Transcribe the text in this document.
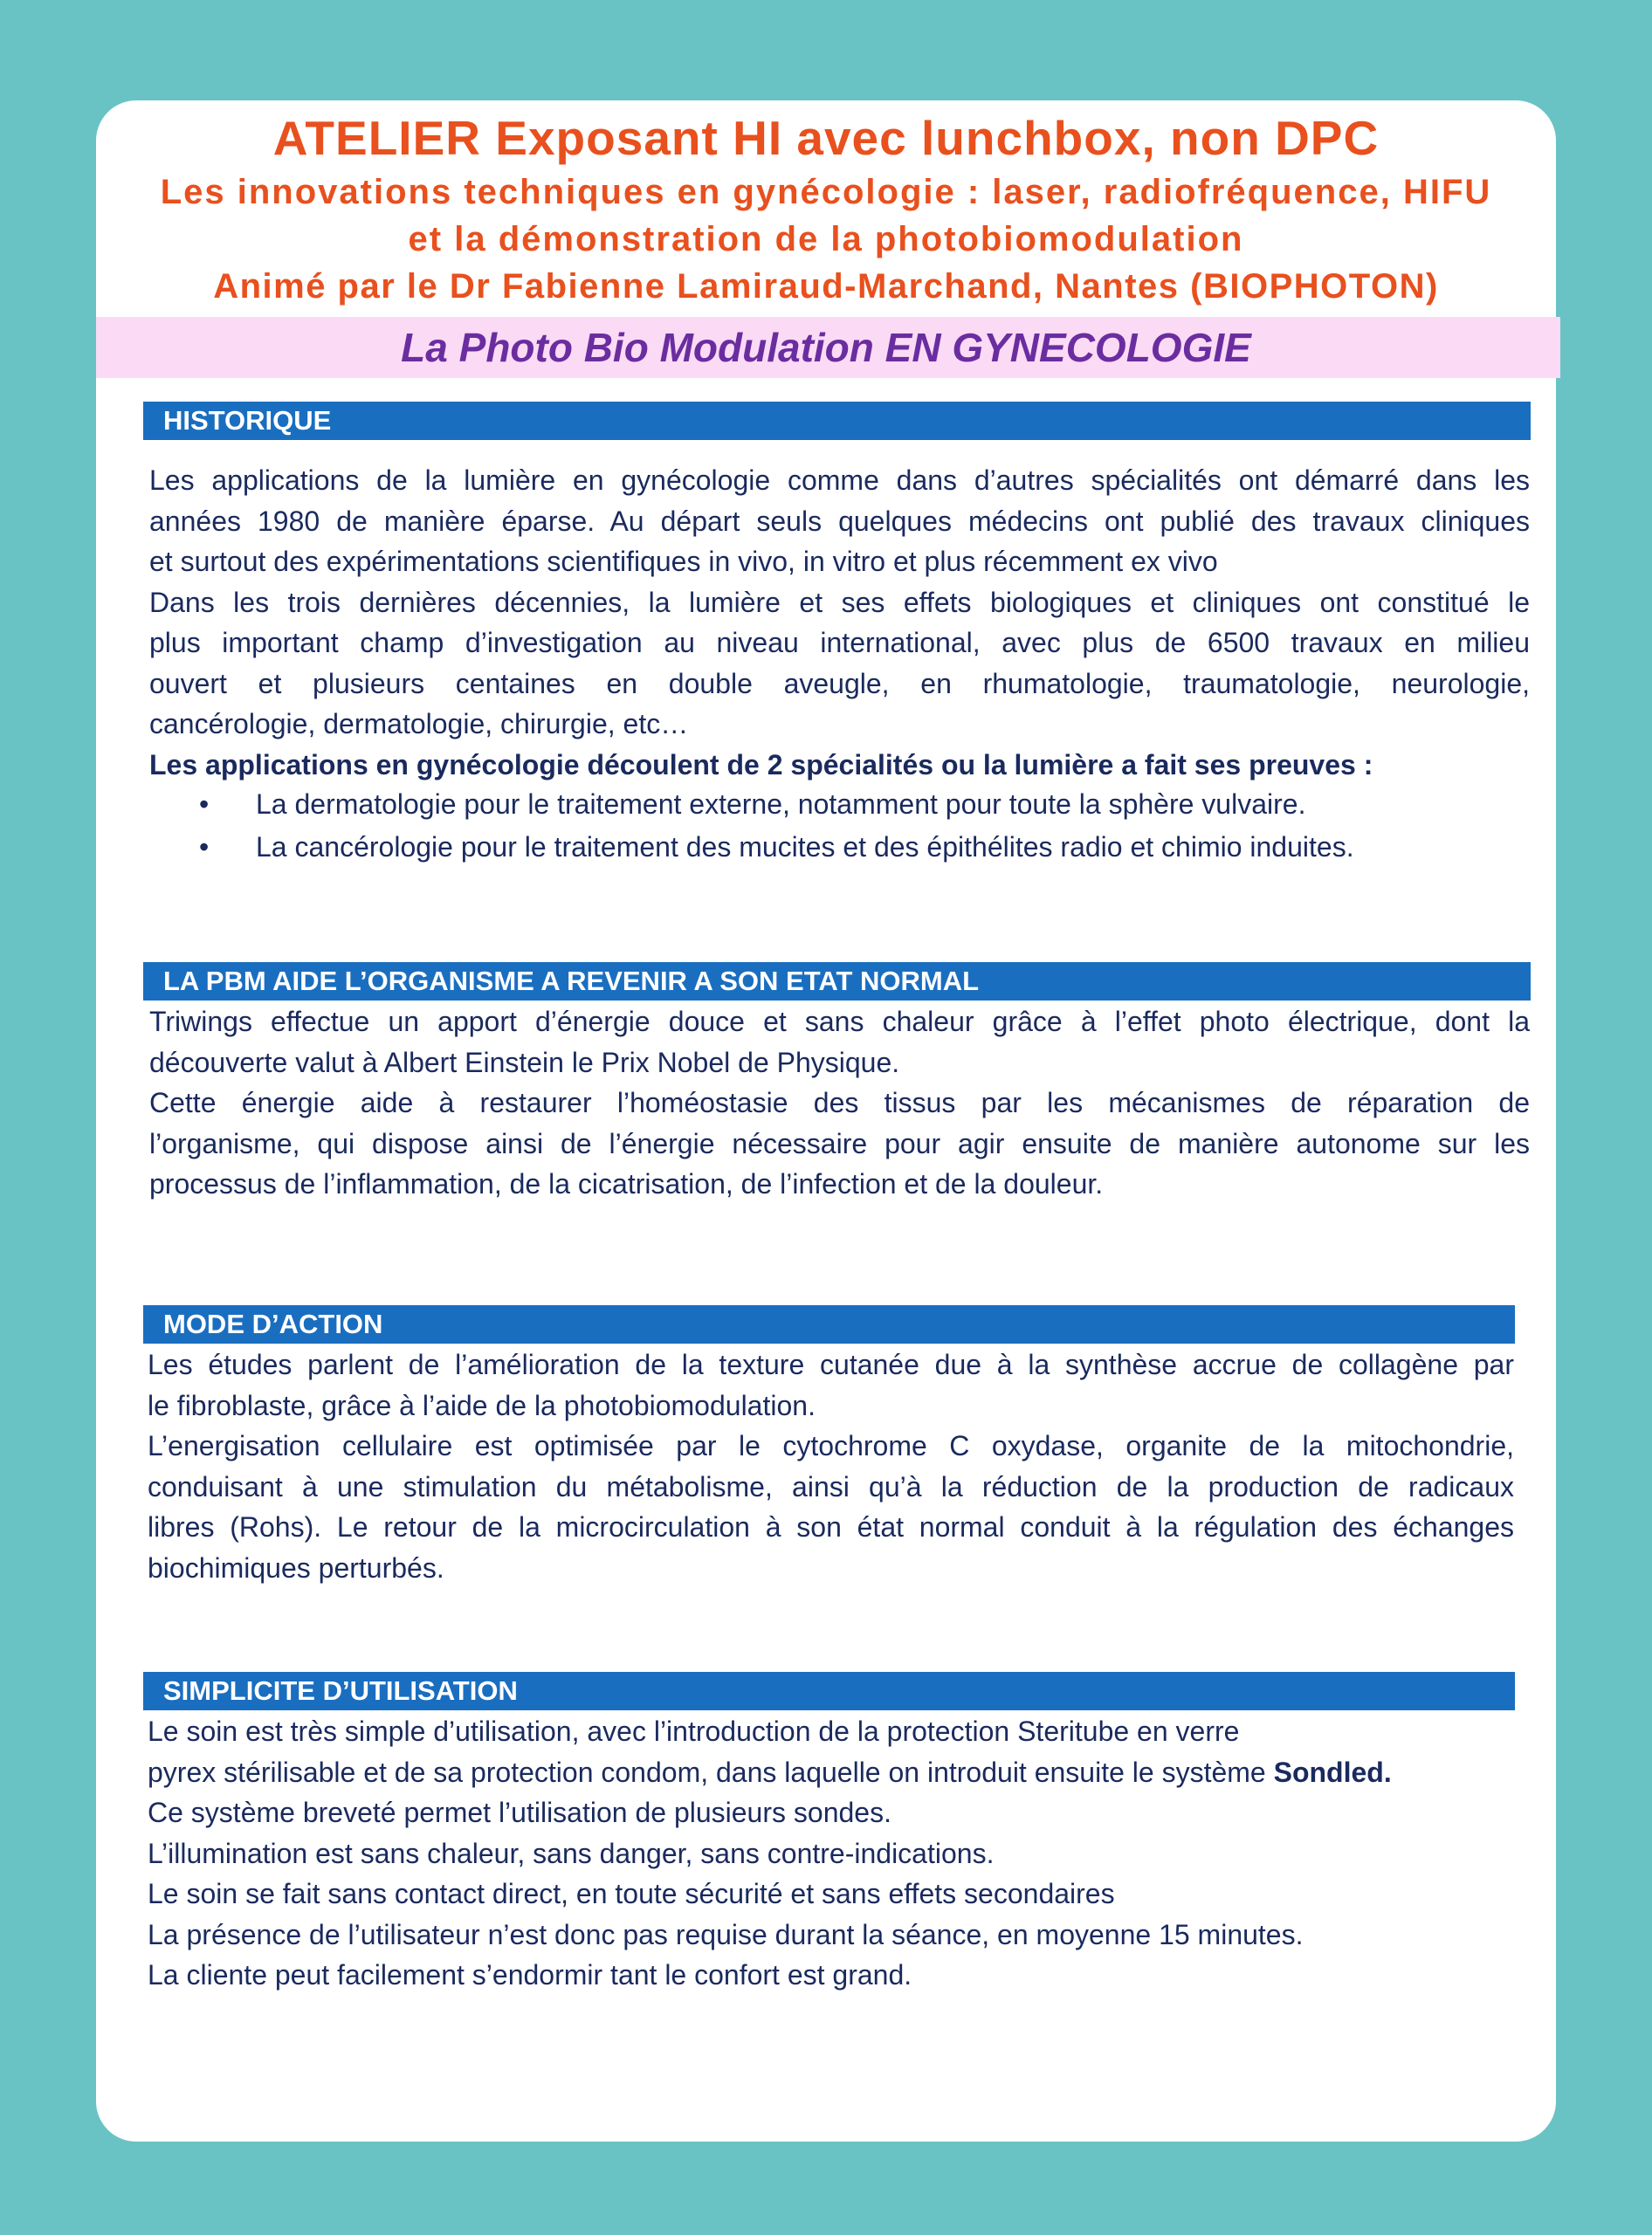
ATELIER Exposant HI avec lunchbox, non DPC
Les innovations techniques en gynécologie : laser, radiofréquence, HIFU
et la démonstration de la photobiomodulation
Animé par le Dr Fabienne Lamiraud-Marchand, Nantes (BIOPHOTON)
La Photo Bio Modulation EN GYNECOLOGIE
HISTORIQUE
Les applications de la lumière en gynécologie comme dans d’autres spécialités ont démarré dans les
années 1980 de manière éparse. Au départ seuls quelques médecins ont publié des travaux cliniques
et surtout des expérimentations scientifiques in vivo, in vitro et plus récemment ex vivo
Dans les trois dernières décennies, la lumière et ses effets biologiques et cliniques ont constitué le
plus important champ d’investigation au niveau international, avec plus de 6500 travaux en milieu
ouvert et plusieurs centaines en double aveugle, en rhumatologie, traumatologie, neurologie,
cancérologie, dermatologie, chirurgie, etc…
Les applications en gynécologie découlent de 2 spécialités ou la lumière a fait ses preuves :
• La dermatologie pour le traitement externe, notamment pour toute la sphère vulvaire.
• La cancérologie pour le traitement des mucites et des épithélites radio et chimio induites.
LA PBM AIDE L’ORGANISME A REVENIR A SON ETAT NORMAL
Triwings effectue un apport d’énergie douce et sans chaleur grâce à l’effet photo électrique, dont la
découverte valut à Albert Einstein le Prix Nobel de Physique.
Cette énergie aide à restaurer l’homéostasie des tissus par les mécanismes de réparation de
l’organisme, qui dispose ainsi de l’énergie nécessaire pour agir ensuite de manière autonome sur les
processus de l’inflammation, de la cicatrisation, de l’infection et de la douleur.
MODE D’ACTION
Les études parlent de l’amélioration de la texture cutanée due à la synthèse accrue de collagène par
le fibroblaste, grâce à l’aide de la photobiomodulation.
L’energisation cellulaire est optimisée par le cytochrome C oxydase, organite de la mitochondrie,
conduisant à une stimulation du métabolisme, ainsi qu’à la réduction de la production de radicaux
libres (Rohs). Le retour de la microcirculation à son état normal conduit à la régulation des échanges
biochimiques perturbés.
SIMPLICITE D’UTILISATION
Le soin est très simple d’utilisation, avec l’introduction de la protection Steritube en verre
pyrex stérilisable et de sa protection condom, dans laquelle on introduit ensuite le système Sondled.
Ce système breveté permet l’utilisation de plusieurs sondes.
L’illumination est sans chaleur, sans danger, sans contre-indications.
Le soin se fait sans contact direct, en toute sécurité et sans effets secondaires
La présence de l’utilisateur n’est donc pas requise durant la séance, en moyenne 15 minutes.
La cliente peut facilement s’endormir tant le confort est grand.
